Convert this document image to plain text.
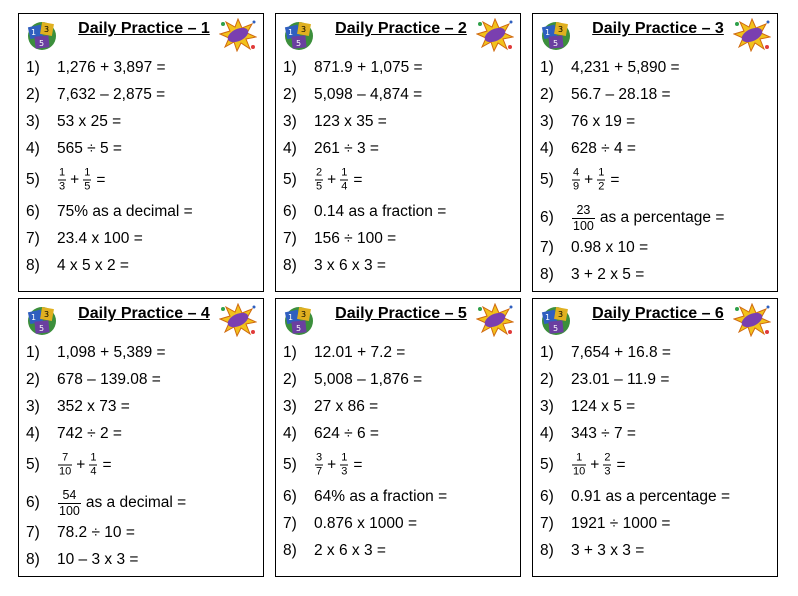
1 3
5
Daily Practice – 1
1) 1,276 + 3,897 =
2) 7,632 – 2,875 =
3) 53 x 25 =
4) 565 ÷ 5 =
$5) \frac{1}{3} + \frac{1}{5}$ =
6) 75% as a decimal =
7) 23.4 x 100 =
8) 4 x 5 x 2 =
1 3
5
Daily Practice – 2
1) 871.9 + 1,075 =
2) 5,098 – 4,874 =
3) 123 x 35 =
4) 261 ÷ 3 =
$5) \frac{2}{5} + \frac{1}{4}$ =
6) 0.14 as a fraction =
7) 156 ÷ 100 =
8) 3 x 6 x 3 =
1 3
5
Daily Practice – 3
1) 4,231 + 5,890 =
2) 56.7 – 28.18 =
3) 76 x 19 =
4) 628 ÷ 4 =
$5) \frac{4}{9} + \frac{1}{2}$ =
$6) \frac{23}{100}$ as a percentage =
7) 0.98 x 10 =
8) 3 + 2 x 5 =
1 3
5
Daily Practice – 4
1) 1,098 + 5,389 =
2) 678 – 139.08 =
3) 352 x 73 =
4) 742 ÷ 2 =
$5) \frac{7}{10} + \frac{1}{4}$ =
$6) \frac{54}{100}$ as a decimal =
7) 78.2 ÷ 10 =
8) 10 – 3 x 3 =
1 3
5
Daily Practice – 5
1) 12.01 + 7.2 =
2) 5,008 – 1,876 =
3) 27 x 86 =
4) 624 ÷ 6 =
$5) \frac{3}{7} + \frac{1}{3}$ =
6) 64% as a fraction =
7) 0.876 x 1000 =
8) 2 x 6 x 3 =
1 3
5
Daily Practice – 6
1) 7,654 + 16.8 =
2) 23.01 – 11.9 =
3) 124 x 5 =
4) 343 ÷ 7 =
$5) \frac{1}{10} + \frac{2}{3}$ =
6) 0.91 as a percentage =
7) 1921 ÷ 1000 =
8) 3 + 3 x 3 =
